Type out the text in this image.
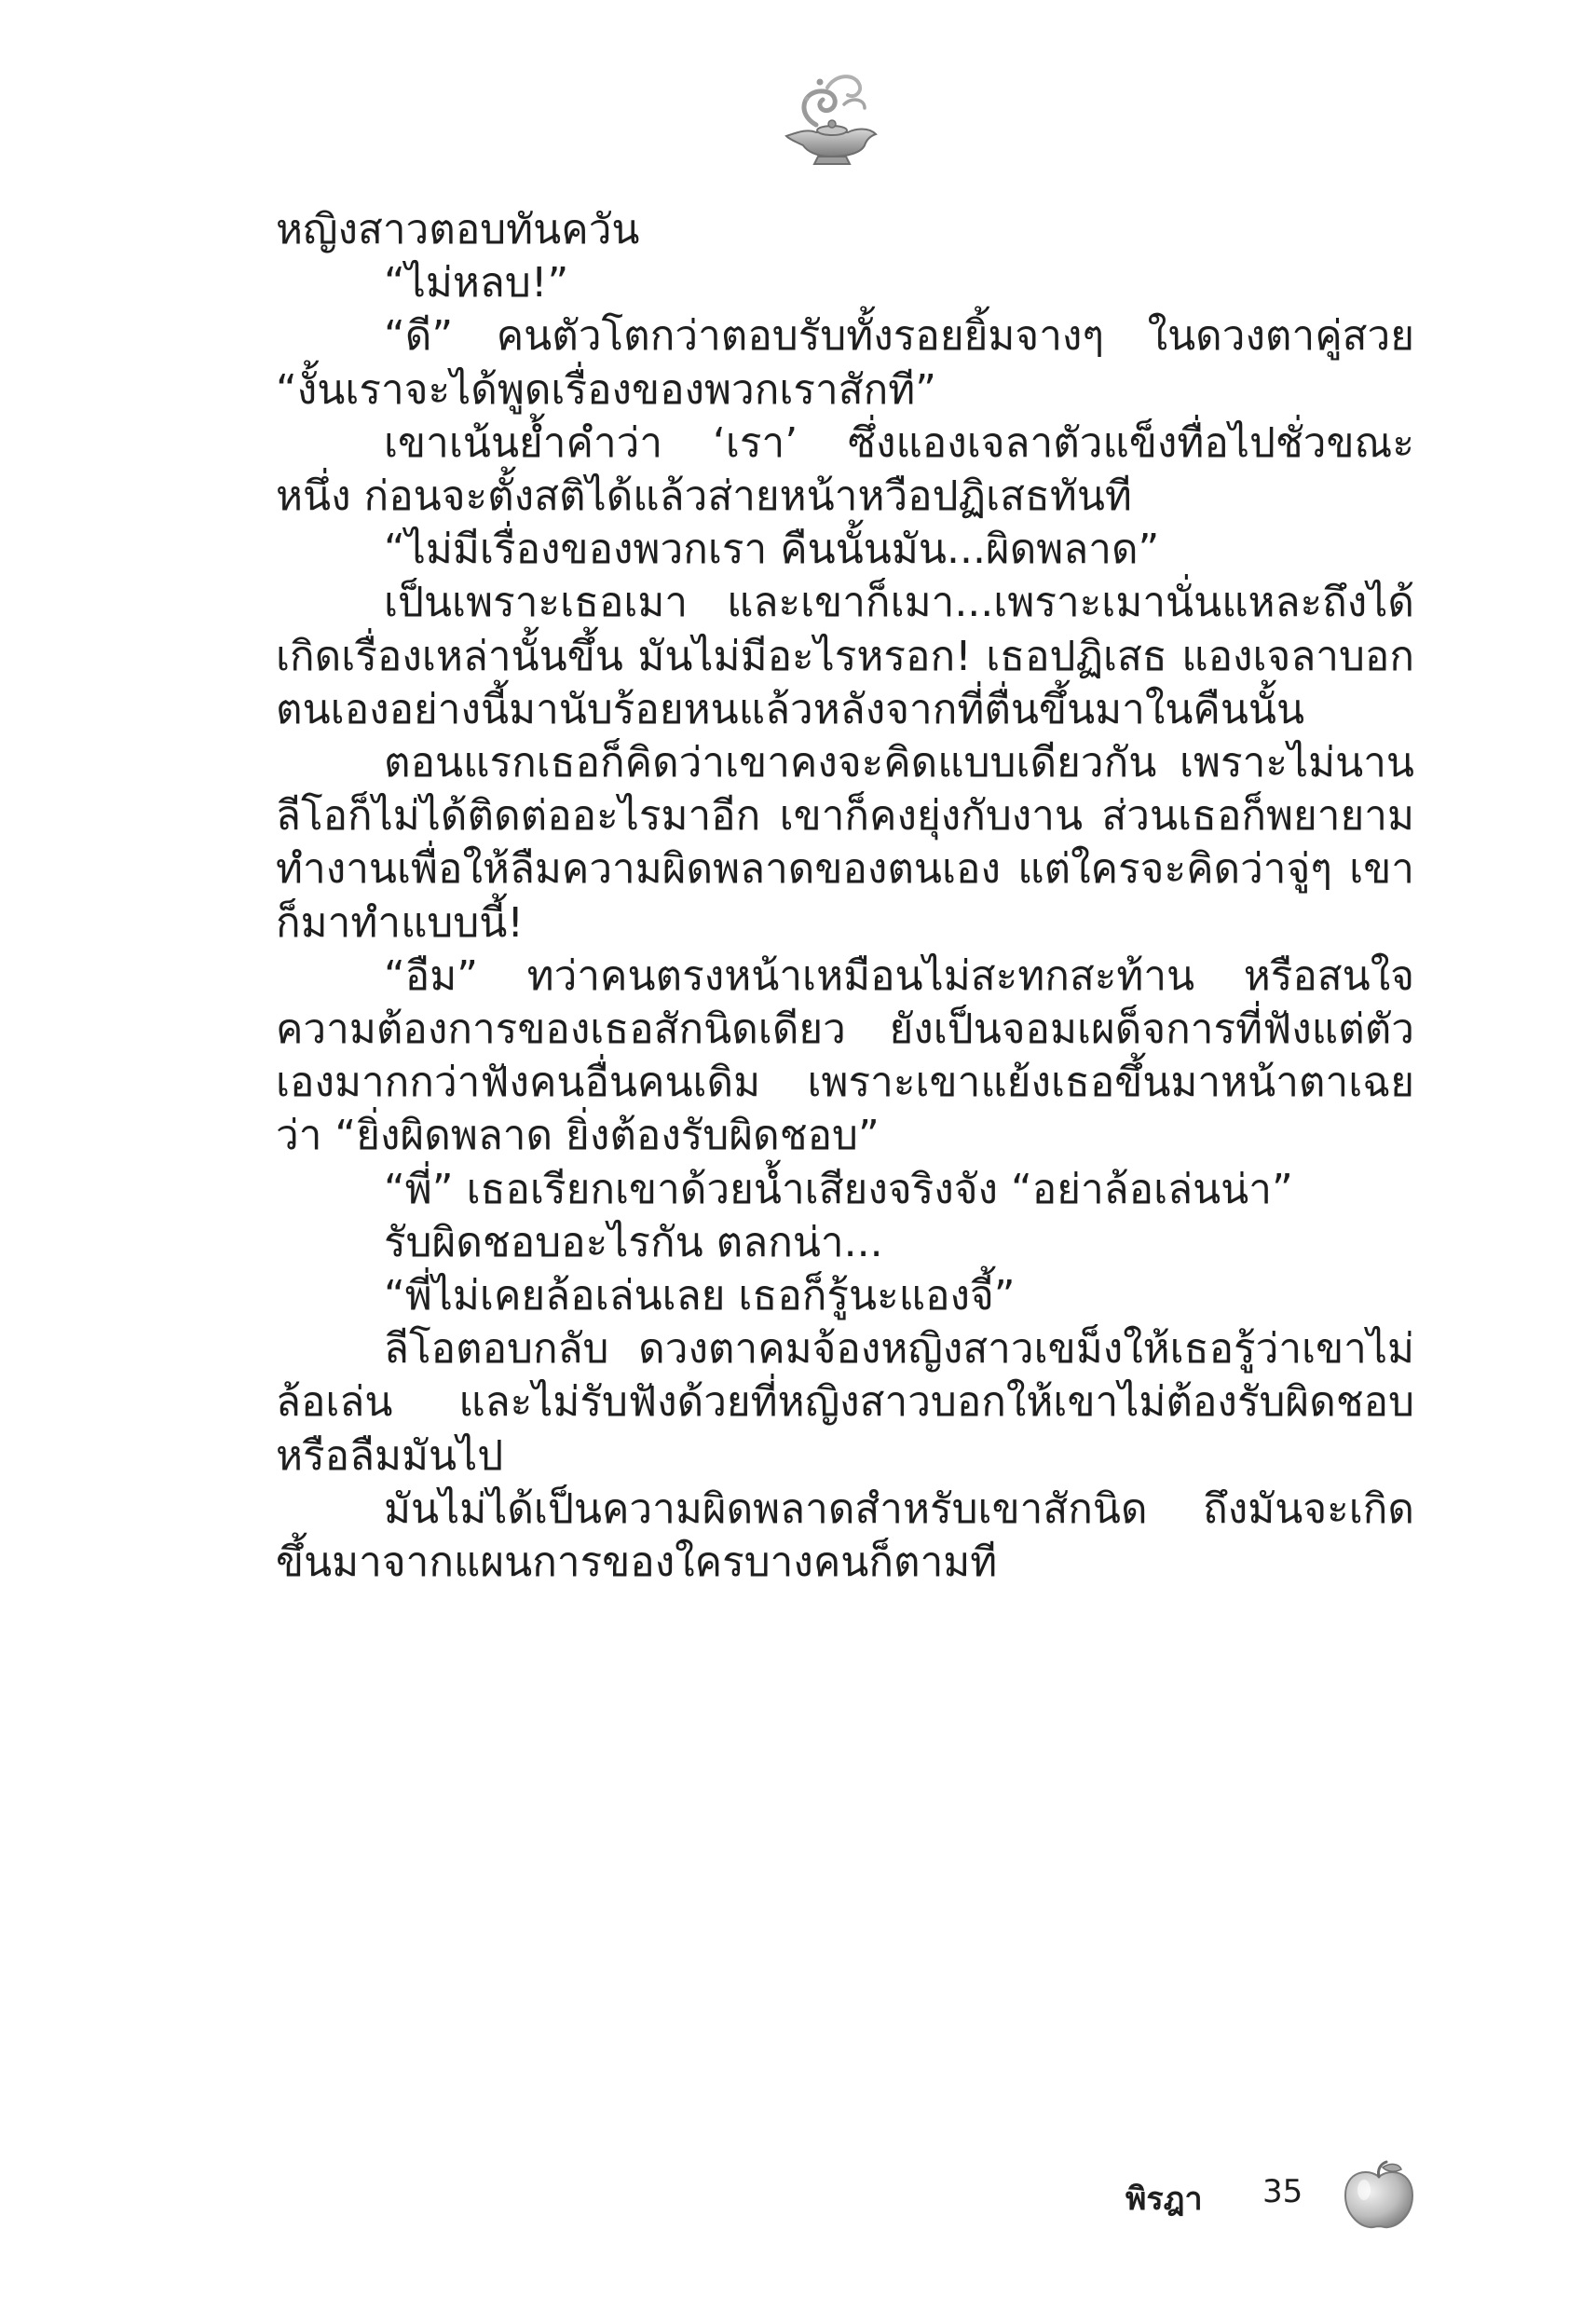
หญิงสาวตอบทันควัน

“ไม่หลบ!”

“ดี” คนตัวโตกว่าตอบรับทั้งรอยยิ้มจางๆ ในดวงตาคู่สวย “งั้นเราจะได้พูดเรื่องของพวกเราสักที”

เขาเน้นย้ำคำว่า ‘เรา’ ซึ่งแองเจลาตัวแข็งทื่อไปชั่วขณะหนึ่ง ก่อนจะตั้งสติได้แล้วส่ายหน้าหวือปฏิเสธทันที

“ไม่มีเรื่องของพวกเรา คืนนั้นมัน...ผิดพลาด”

เป็นเพราะเธอเมา และเขาก็เมา...เพราะเมานั่นแหละถึงได้เกิดเรื่องเหล่านั้นขึ้น มันไม่มีอะไรหรอก! เธอปฏิเสธ แองเจลาบอกตนเองอย่างนี้มานับร้อยหนแล้วหลังจากที่ตื่นขึ้นมาในคืนนั้น

ตอนแรกเธอก็คิดว่าเขาคงจะคิดแบบเดียวกัน เพราะไม่นานลีโอก็ไม่ได้ติดต่ออะไรมาอีก เขาก็คงยุ่งกับงาน ส่วนเธอก็พยายามทำงานเพื่อให้ลืมความผิดพลาดของตนเอง แต่ใครจะคิดว่าจู่ๆ เขาก็มาทำแบบนี้!

“อืม” ทว่าคนตรงหน้าเหมือนไม่สะทกสะท้าน หรือสนใจความต้องการของเธอสักนิดเดียว ยังเป็นจอมเผด็จการที่ฟังแต่ตัวเองมากกว่าฟังคนอื่นคนเดิม เพราะเขาแย้งเธอขึ้นมาหน้าตาเฉยว่า “ยิ่งผิดพลาด ยิ่งต้องรับผิดชอบ”

“พี่” เธอเรียกเขาด้วยน้ำเสียงจริงจัง “อย่าล้อเล่นน่า”

รับผิดชอบอะไรกัน ตลกน่า...

“พี่ไม่เคยล้อเล่นเลย เธอก็รู้นะแองจี้”

ลีโอตอบกลับ ดวงตาคมจ้องหญิงสาวเขม็งให้เธอรู้ว่าเขาไม่ล้อเล่น และไม่รับฟังด้วยที่หญิงสาวบอกให้เขาไม่ต้องรับผิดชอบหรือลืมมันไป

มันไม่ได้เป็นความผิดพลาดสำหรับเขาสักนิด ถึงมันจะเกิดขึ้นมาจากแผนการของใครบางคนก็ตามที

พิรฎา 35
